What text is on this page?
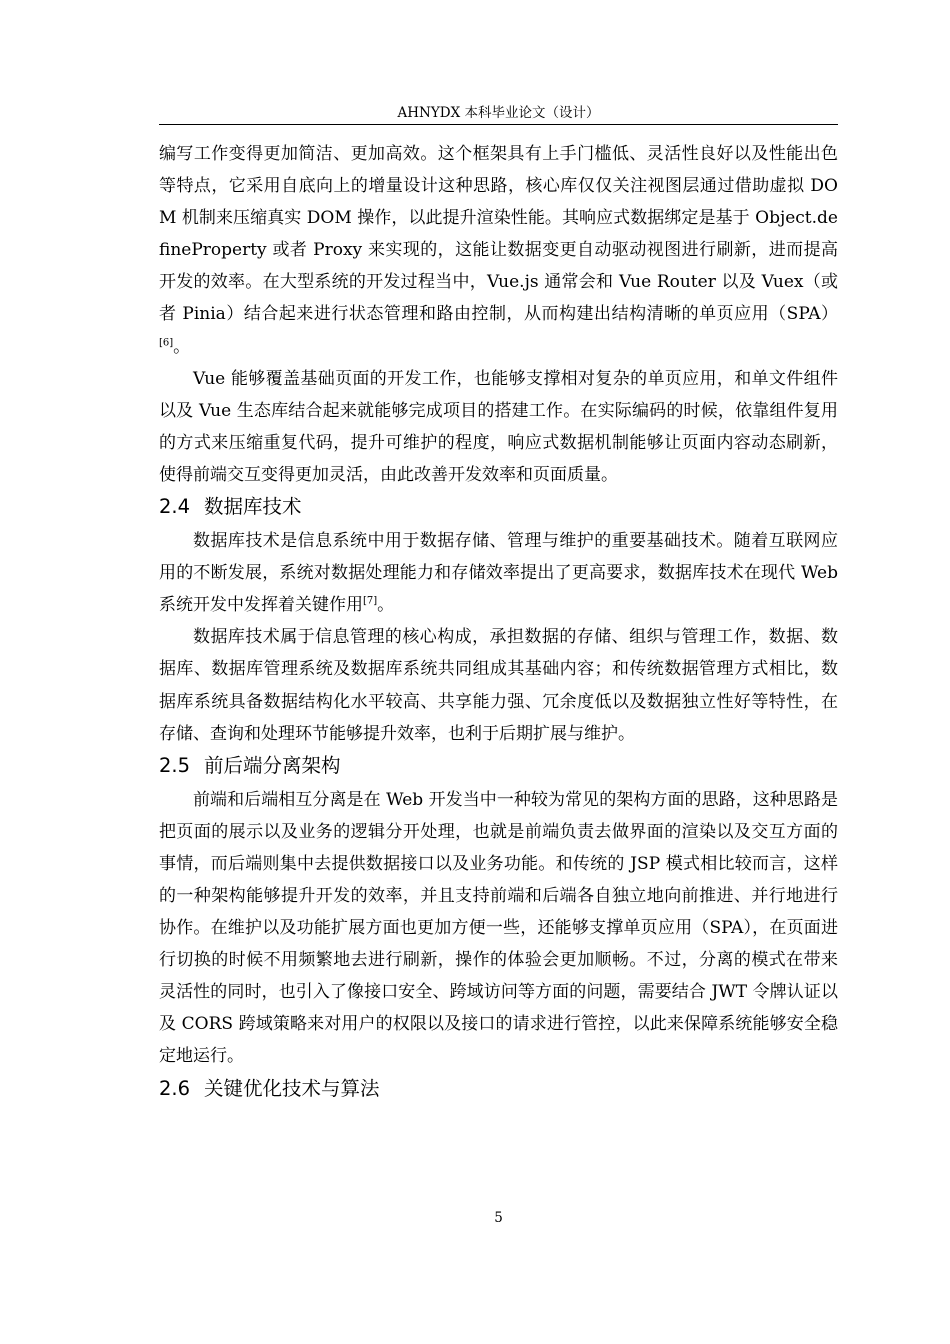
AHNYDX 本科毕业论文（设计）

编写工作变得更加简洁、更加高效。这个框架具有上手门槛低、灵活性良好以及性能出色等特点，它采用自底向上的增量设计这种思路，核心库仅仅关注视图层通过借助虚拟 DOM 机制来压缩真实 DOM 操作，以此提升渲染性能。其响应式数据绑定是基于 Object.defineProperty 或者 Proxy 来实现的，这能让数据变更自动驱动视图进行刷新，进而提高开发的效率。在大型系统的开发过程当中，Vue.js 通常会和 Vue Router 以及 Vuex（或者 Pinia）结合起来进行状态管理和路由控制，从而构建出结构清晰的单页应用（SPA）[6]。

Vue 能够覆盖基础页面的开发工作，也能够支撑相对复杂的单页应用，和单文件组件以及 Vue 生态库结合起来就能够完成项目的搭建工作。在实际编码的时候，依靠组件复用的方式来压缩重复代码，提升可维护的程度，响应式数据机制能够让页面内容动态刷新，使得前端交互变得更加灵活，由此改善开发效率和页面质量。

2.4 数据库技术

数据库技术是信息系统中用于数据存储、管理与维护的重要基础技术。随着互联网应用的不断发展，系统对数据处理能力和存储效率提出了更高要求，数据库技术在现代 Web 系统开发中发挥着关键作用[7]。

数据库技术属于信息管理的核心构成，承担数据的存储、组织与管理工作，数据、数据库、数据库管理系统及数据库系统共同组成其基础内容；和传统数据管理方式相比，数据库系统具备数据结构化水平较高、共享能力强、冗余度低以及数据独立性好等特性，在存储、查询和处理环节能够提升效率，也利于后期扩展与维护。

2.5 前后端分离架构

前端和后端相互分离是在 Web 开发当中一种较为常见的架构方面的思路，这种思路是把页面的展示以及业务的逻辑分开处理，也就是前端负责去做界面的渲染以及交互方面的事情，而后端则集中去提供数据接口以及业务功能。和传统的 JSP 模式相比较而言，这样的一种架构能够提升开发的效率，并且支持前端和后端各自独立地向前推进、并行地进行协作。在维护以及功能扩展方面也更加方便一些，还能够支撑单页应用（SPA），在页面进行切换的时候不用频繁地去进行刷新，操作的体验会更加顺畅。不过，分离的模式在带来灵活性的同时，也引入了像接口安全、跨域访问等方面的问题，需要结合 JWT 令牌认证以及 CORS 跨域策略来对用户的权限以及接口的请求进行管控，以此来保障系统能够安全稳定地运行。

2.6 关键优化技术与算法
5
